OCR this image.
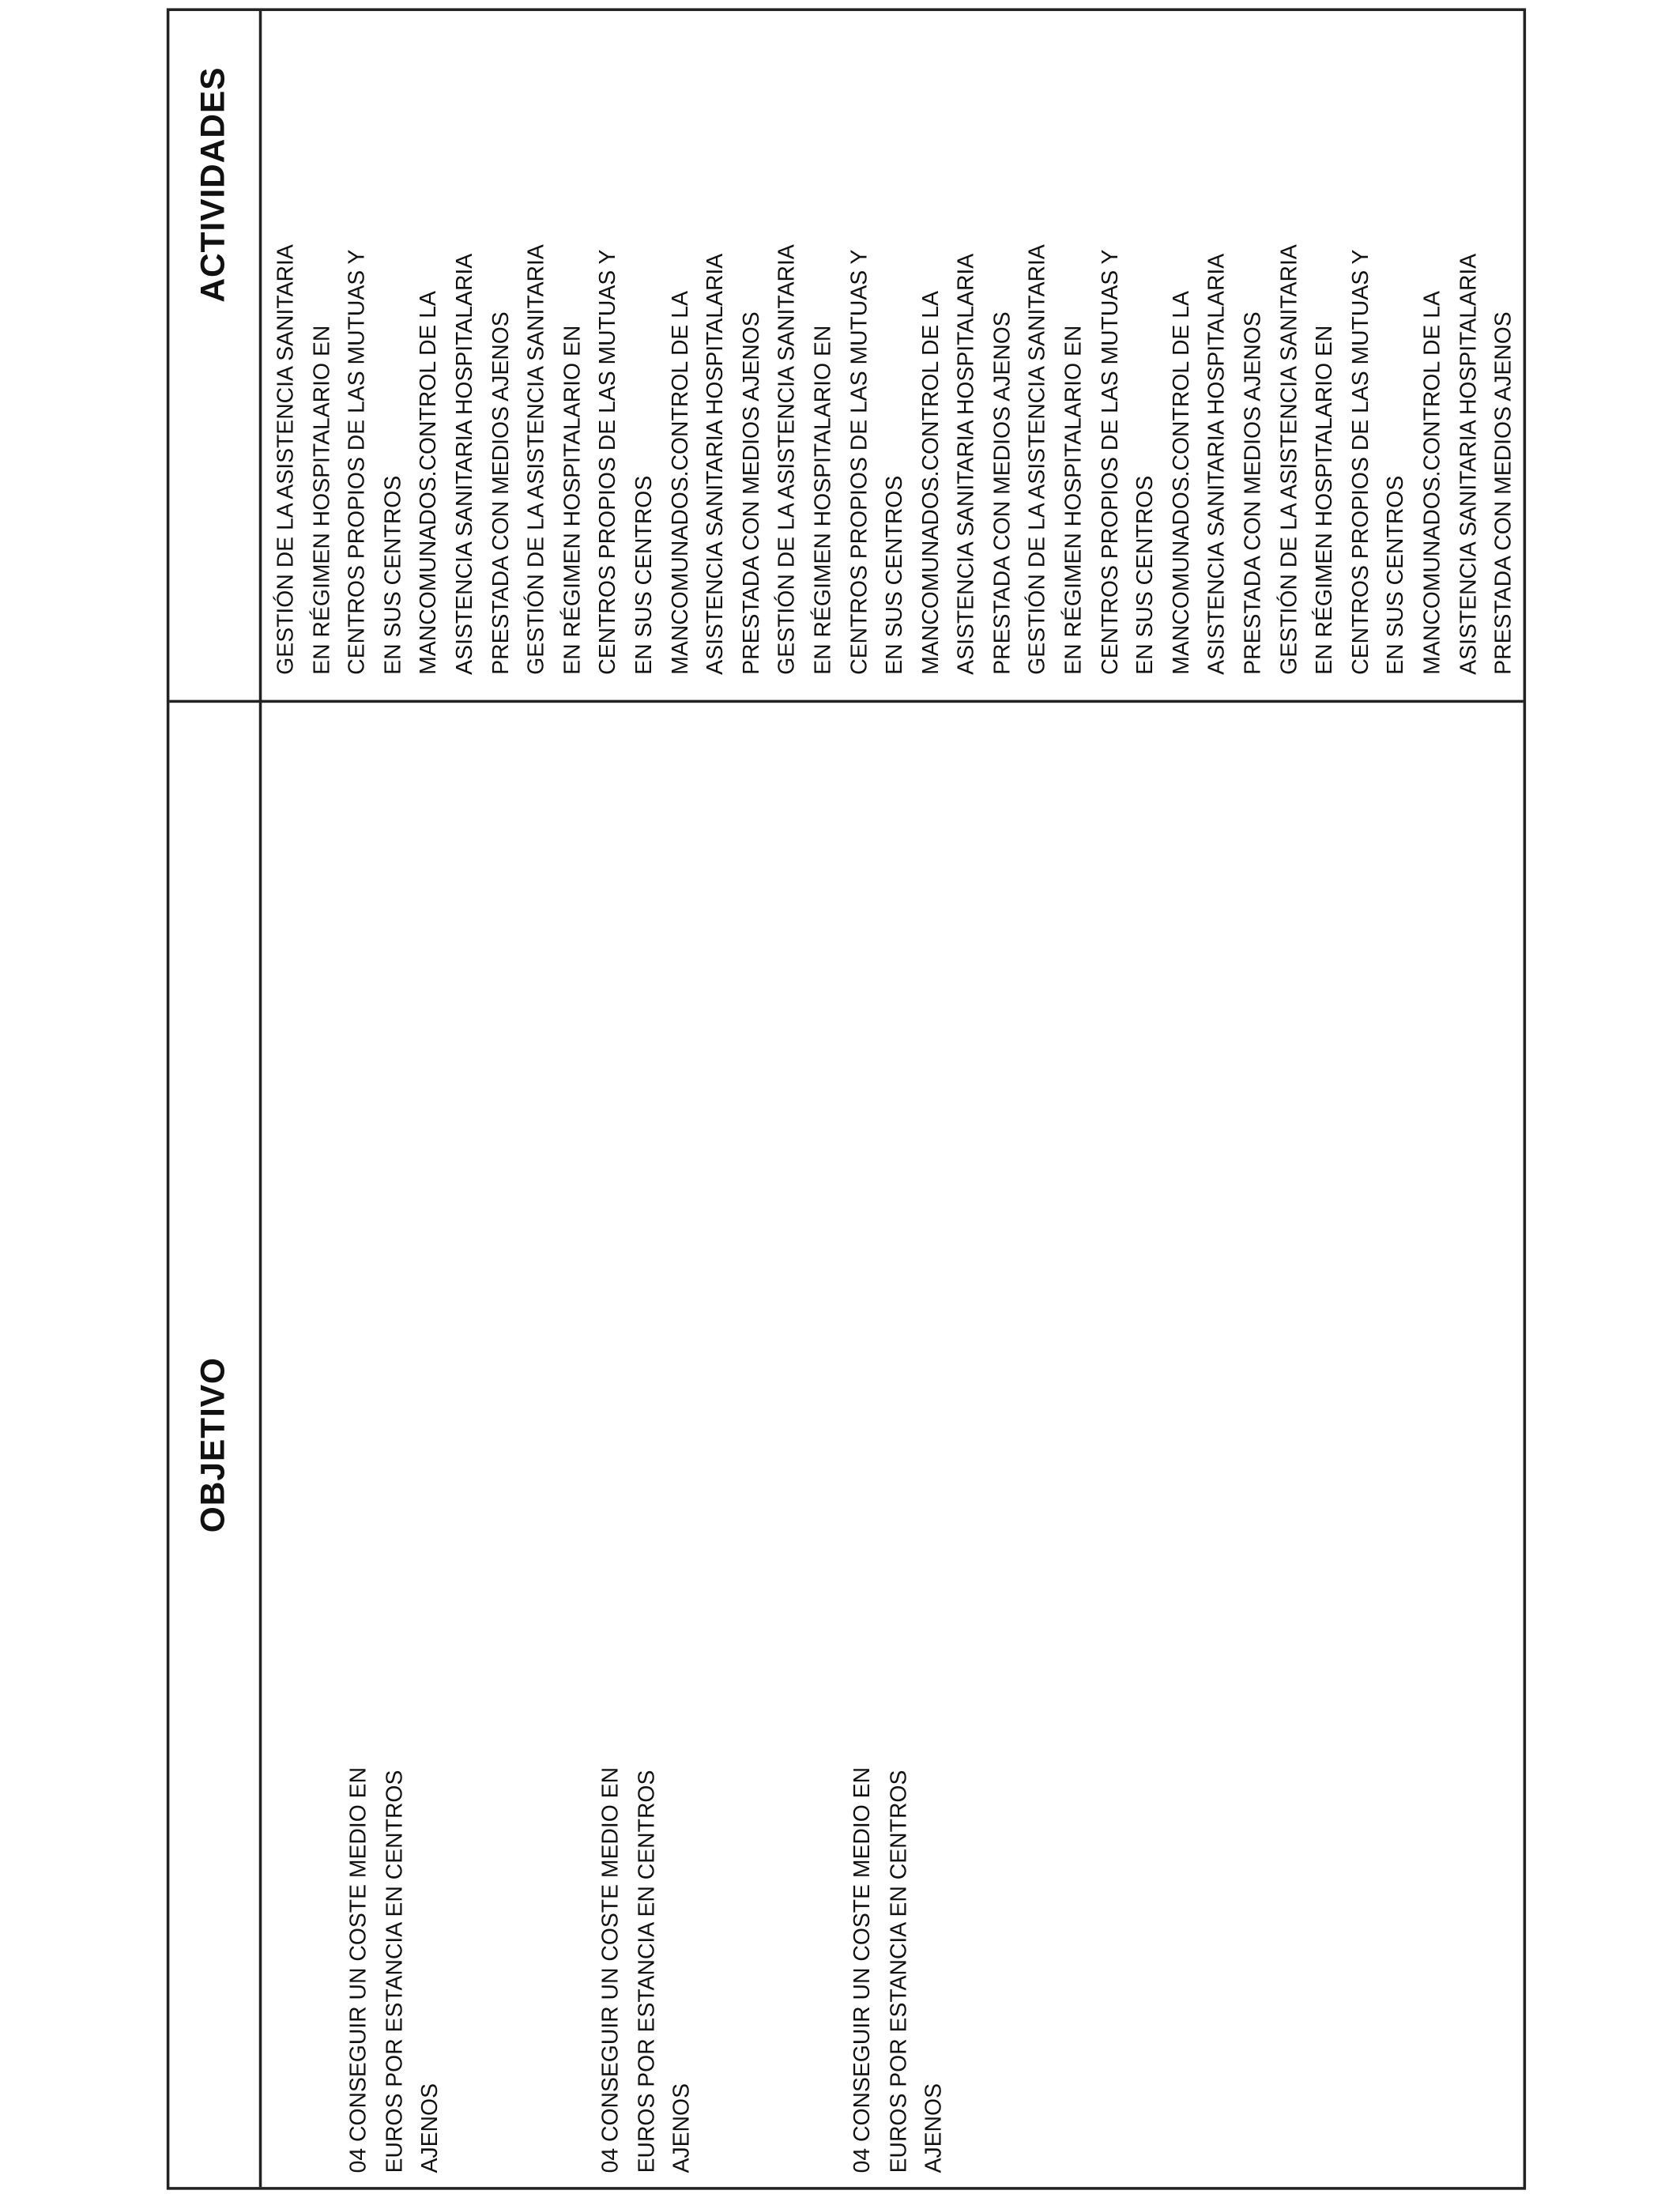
OBJETIVO
ACTIVIDADES
04 CONSEGUIR UN COSTE MEDIO EN
EUROS POR ESTANCIA EN CENTROS
AJENOS	04 CONSEGUIR UN COSTE MEDIO EN
EUROS POR ESTANCIA EN CENTROS
AJENOS	04 CONSEGUIR UN COSTE MEDIO EN
EUROS POR ESTANCIA EN CENTROS
AJENOS
GESTIÓN DE LA ASISTENCIA SANITARIA
EN RÉGIMEN HOSPITALARIO EN
CENTROS PROPIOS DE LAS MUTUAS Y
EN SUS CENTROS
MANCOMUNADOS.CONTROL DE LA
ASISTENCIA SANITARIA HOSPITALARIA
PRESTADA CON MEDIOS AJENOS
GESTIÓN DE LA ASISTENCIA SANITARIA
EN RÉGIMEN HOSPITALARIO EN
CENTROS PROPIOS DE LAS MUTUAS Y
EN SUS CENTROS
MANCOMUNADOS.CONTROL DE LA
ASISTENCIA SANITARIA HOSPITALARIA
PRESTADA CON MEDIOS AJENOS
GESTIÓN DE LA ASISTENCIA SANITARIA
EN RÉGIMEN HOSPITALARIO EN
CENTROS PROPIOS DE LAS MUTUAS Y
EN SUS CENTROS
MANCOMUNADOS.CONTROL DE LA
ASISTENCIA SANITARIA HOSPITALARIA
PRESTADA CON MEDIOS AJENOS
GESTIÓN DE LA ASISTENCIA SANITARIA
EN RÉGIMEN HOSPITALARIO EN
CENTROS PROPIOS DE LAS MUTUAS Y
EN SUS CENTROS
MANCOMUNADOS.CONTROL DE LA
ASISTENCIA SANITARIA HOSPITALARIA
PRESTADA CON MEDIOS AJENOS
GESTIÓN DE LA ASISTENCIA SANITARIA
EN RÉGIMEN HOSPITALARIO EN
CENTROS PROPIOS DE LAS MUTUAS Y
EN SUS CENTROS
MANCOMUNADOS.CONTROL DE LA
ASISTENCIA SANITARIA HOSPITALARIA
PRESTADA CON MEDIOS AJENOS
